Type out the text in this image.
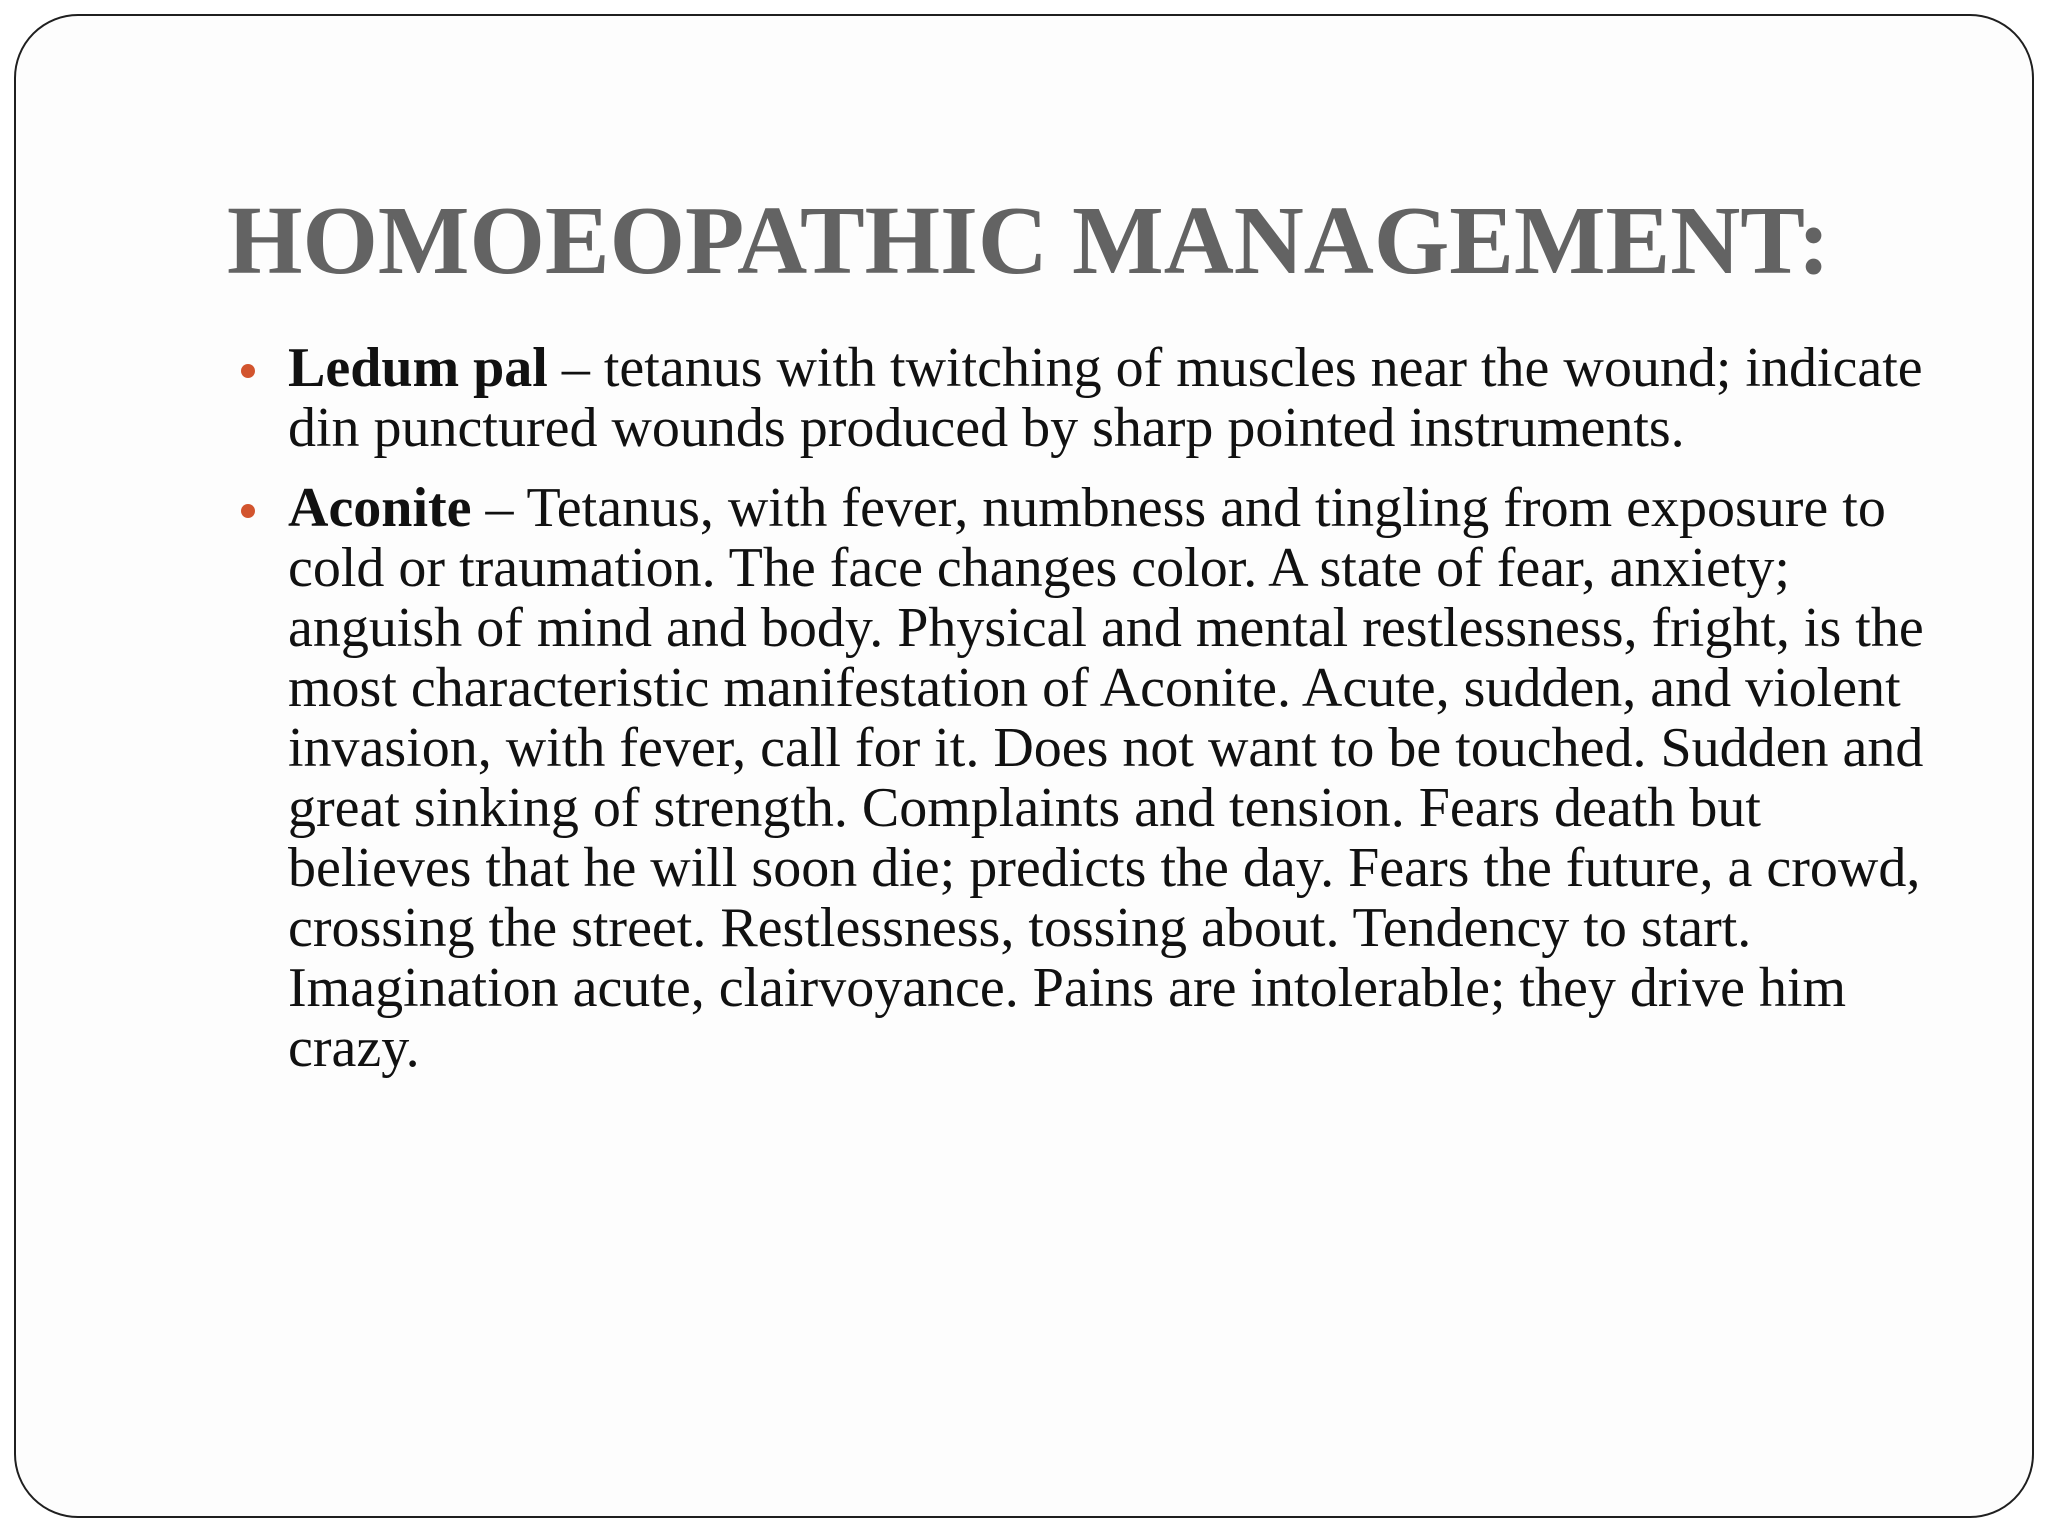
HOMOEOPATHIC MANAGEMENT:
Ledum pal – tetanus with twitching of muscles near the wound; indicate din punctured wounds produced by sharp pointed instruments.
Aconite – Tetanus, with fever, numbness and tingling from exposure to cold or traumation. The face changes color. A state of fear, anxiety; anguish of mind and body. Physical and mental restlessness, fright, is the most characteristic manifestation of Aconite. Acute, sudden, and violent invasion, with fever, call for it. Does not want to be touched. Sudden and great sinking of strength. Complaints and tension. Fears death but believes that he will soon die; predicts the day. Fears the future, a crowd, crossing the street. Restlessness, tossing about. Tendency to start. Imagination acute, clairvoyance. Pains are intolerable; they drive him crazy.
